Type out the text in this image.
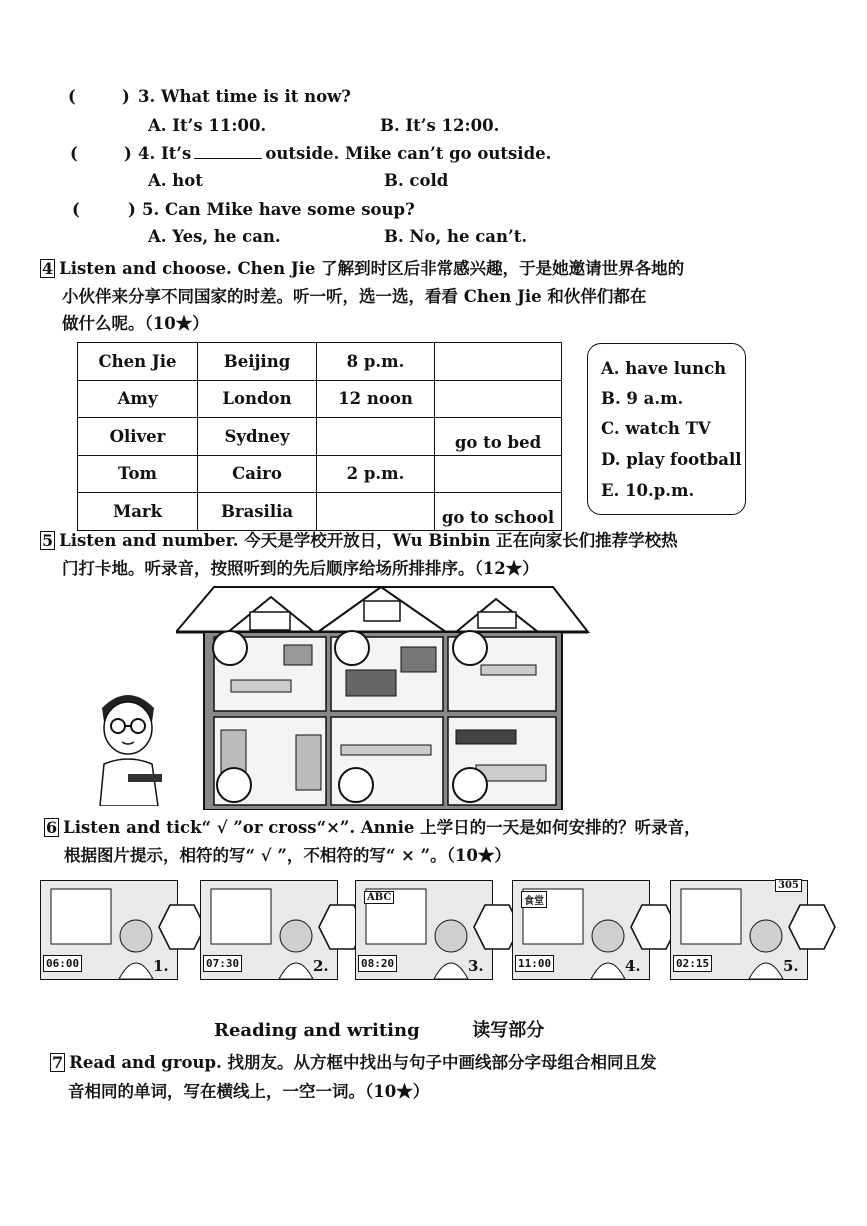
(	) 3. What time is it now?
A. It’s 11:00.	B. It’s 12:00.
(	) 4. It’s	outside. Mike can’t go outside.
A. hot	B. cold
(	) 5. Can Mike have some soup?
A. Yes, he can.	B. No, he can’t.
4 Listen and choose. Chen Jie 了解到时区后非常感兴趣，于是她邀请世界各地的
小伙伴来分享不同国家的时差。听一听，选一选，看看 Chen Jie 和伙伴们都在
做什么呢。（10★）
Chen Jie	Beijing	8 p.m.	
Amy	London	12 noon	
Oliver	Sydney		go to bed
Tom	Cairo	2 p.m.	
Mark	Brasilia		go to school
A. have lunch
B. 9 a.m.
C. watch TV
D. play football
E. 10.p.m.
5 Listen and number. 今天是学校开放日，Wu Binbin 正在向家长们推荐学校热
门打卡地。听录音，按照听到的先后顺序给场所排排序。（12★）
6 Listen and tick“ √ ”or cross“×”. Annie 上学日的一天是如何安排的？听录音，
根据图片提示，相符的写“ √ ”，不相符的写“ × ”。（10★）
06:00	1.	07:30	2.
ABC
08:20	3.
食堂
11:00	4.
305
02:15	5.
Reading and writing	读写部分
7 Read and group. 找朋友。从方框中找出与句子中画线部分字母组合相同且发
音相同的单词，写在横线上，一空一词。（10★）
